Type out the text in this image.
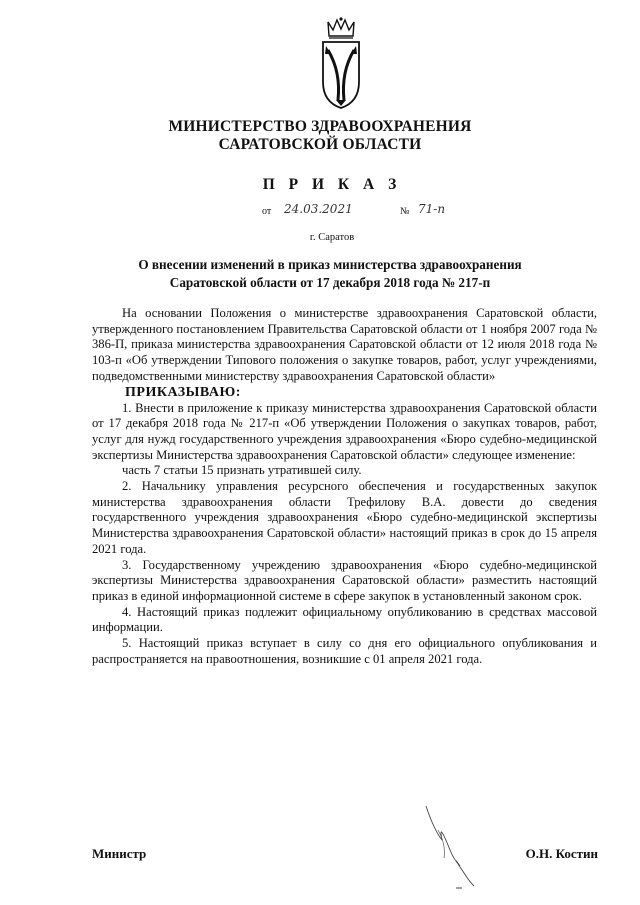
МИНИСТЕРСТВО ЗДРАВООХРАНЕНИЯ
САРАТОВСКОЙ ОБЛАСТИ
П Р И К А З
от 24.03.2021	№ 71-п
г. Саратов
О внесении изменений в приказ министерства здравоохранения
Саратовской области от 17 декабря 2018 года № 217-п

На основании Положения о министерстве здравоохранения Саратовской области, утвержденного постановлением Правительства Саратовской области от 1 ноября 2007 года № 386-П, приказа министерства здравоохранения Саратовской области от 12 июля 2018 года № 103-п «Об утверждении Типового положения о закупке товаров, работ, услуг учреждениями, подведомственными министерству здравоохранения Саратовской области»

ПРИКАЗЫВАЮ:

1. Внести в приложение к приказу министерства здравоохранения Саратовской области от 17 декабря 2018 года № 217-п «Об утверждении Положения о закупках товаров, работ, услуг для нужд государственного учреждения здравоохранения «Бюро судебно-медицинской экспертизы Министерства здравоохранения Саратовской области» следующее изменение:

часть 7 статьи 15 признать утратившей силу.

2. Начальнику управления ресурсного обеспечения и государственных закупок министерства здравоохранения области Трефилову В.А. довести до сведения государственного учреждения здравоохранения «Бюро судебно-медицинской экспертизы Министерства здравоохранения Саратовской области» настоящий приказ в срок до 15 апреля 2021 года.

3. Государственному учреждению здравоохранения «Бюро судебно-медицинской экспертизы Министерства здравоохранения Саратовской области» разместить настоящий приказ в единой информационной системе в сфере закупок в установленный законом срок.

4. Настоящий приказ подлежит официальному опубликованию в средствах массовой информации.

5. Настоящий приказ вступает в силу со дня его официального опубликования и распространяется на правоотношения, возникшие с 01 апреля 2021 года.

Министр	О.Н. Костин
